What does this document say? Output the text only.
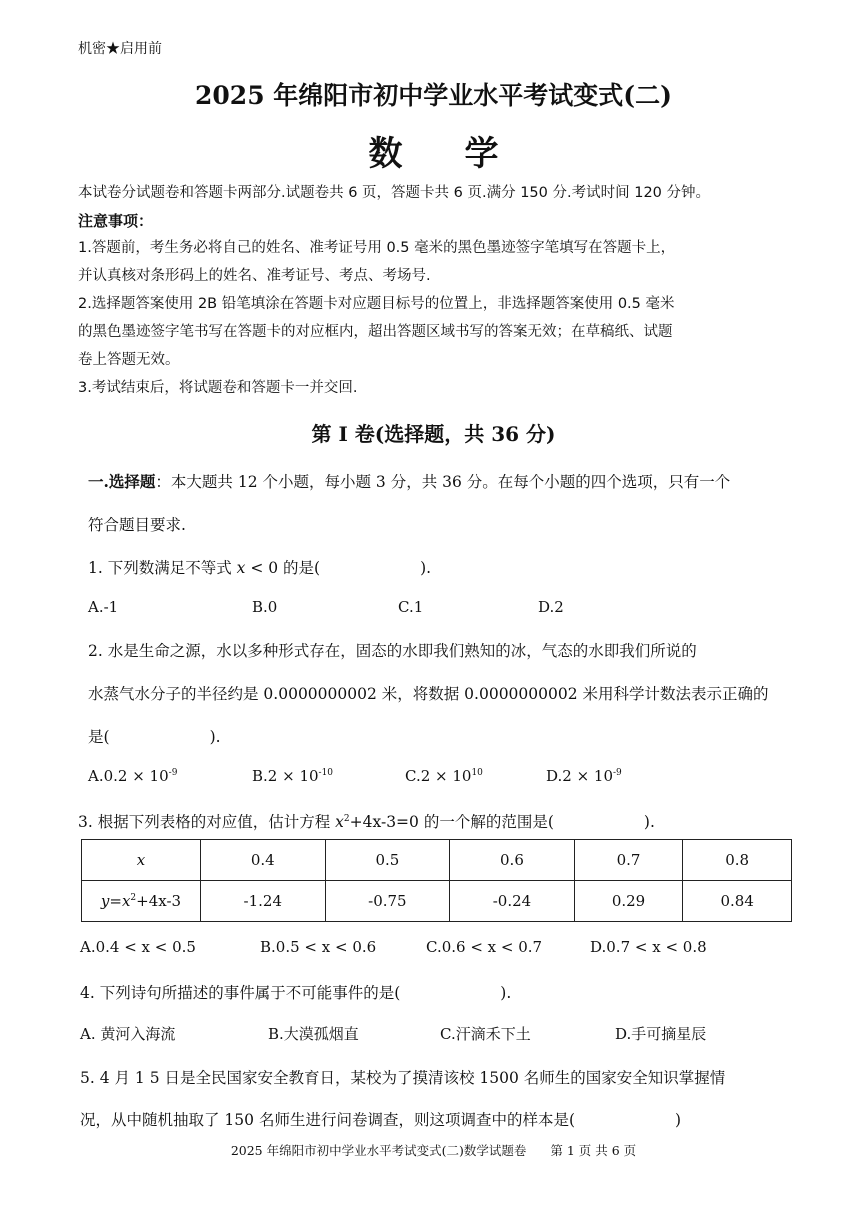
机密★启用前
2025 年绵阳市初中学业水平考试变式(二)
数学
本试卷分试题卷和答题卡两部分.试题卷共 6 页，答题卡共 6 页.满分 150 分.考试时间 120 分钟。
注意事项：
1.答题前，考生务必将自己的姓名、准考证号用 0.5 毫米的黑色墨迹签字笔填写在答题卡上，
并认真核对条形码上的姓名、准考证号、考点、考场号.
2.选择题答案使用 2B 铅笔填涂在答题卡对应题目标号的位置上，非选择题答案使用 0.5 毫米
的黑色墨迹签字笔书写在答题卡的对应框内，超出答题区域书写的答案无效；在草稿纸、试题
卷上答题无效。
3.考试结束后，将试题卷和答题卡一并交回.
第 I 卷(选择题，共 36 分)
一.选择题：本大题共 12 个小题，每小题 3 分，共 36 分。在每个小题的四个选项，只有一个
符合题目要求.
1. 下列数满足不等式 x < 0 的是(	).
A.-1	B.0	C.1	D.2
2. 水是生命之源，水以多种形式存在，固态的水即我们熟知的冰，气态的水即我们所说的
水蒸气水分子的半径约是 0.0000000002 米，将数据 0.0000000002 米用科学计数法表示正确的
是(	).
$A.0.2 \times 10^{-9}$	$B.2 \times 10^{-10}$	$C.2 \times 10^{10}$	$D.2 \times 10^{-9}$
3. 根据下列表格的对应值，估计方程 $x^2+4x-3=0$ 的一个解的范围是(	).
x	0.4	0.5	0.6	0.7	0.8
$y=x^2+4x-3$	-1.24	-0.75	-0.24	0.29	0.84
A.0.4 < x < 0.5	B.0.5 < x < 0.6	C.0.6 < x < 0.7	D.0.7 < x < 0.8
4. 下列诗句所描述的事件属于不可能事件的是(	).
A. 黄河入海流	B.大漠孤烟直	C.汗滴禾下土	D.手可摘星辰
5. 4 月 1 5 日是全民国家安全教育日，某校为了摸清该校 1500 名师生的国家安全知识掌握情
况，从中随机抽取了 150 名师生进行问卷调查，则这项调查中的样本是(	)
2025 年绵阳市初中学业水平考试变式(二)数学试题卷 第 1 页 共 6 页
